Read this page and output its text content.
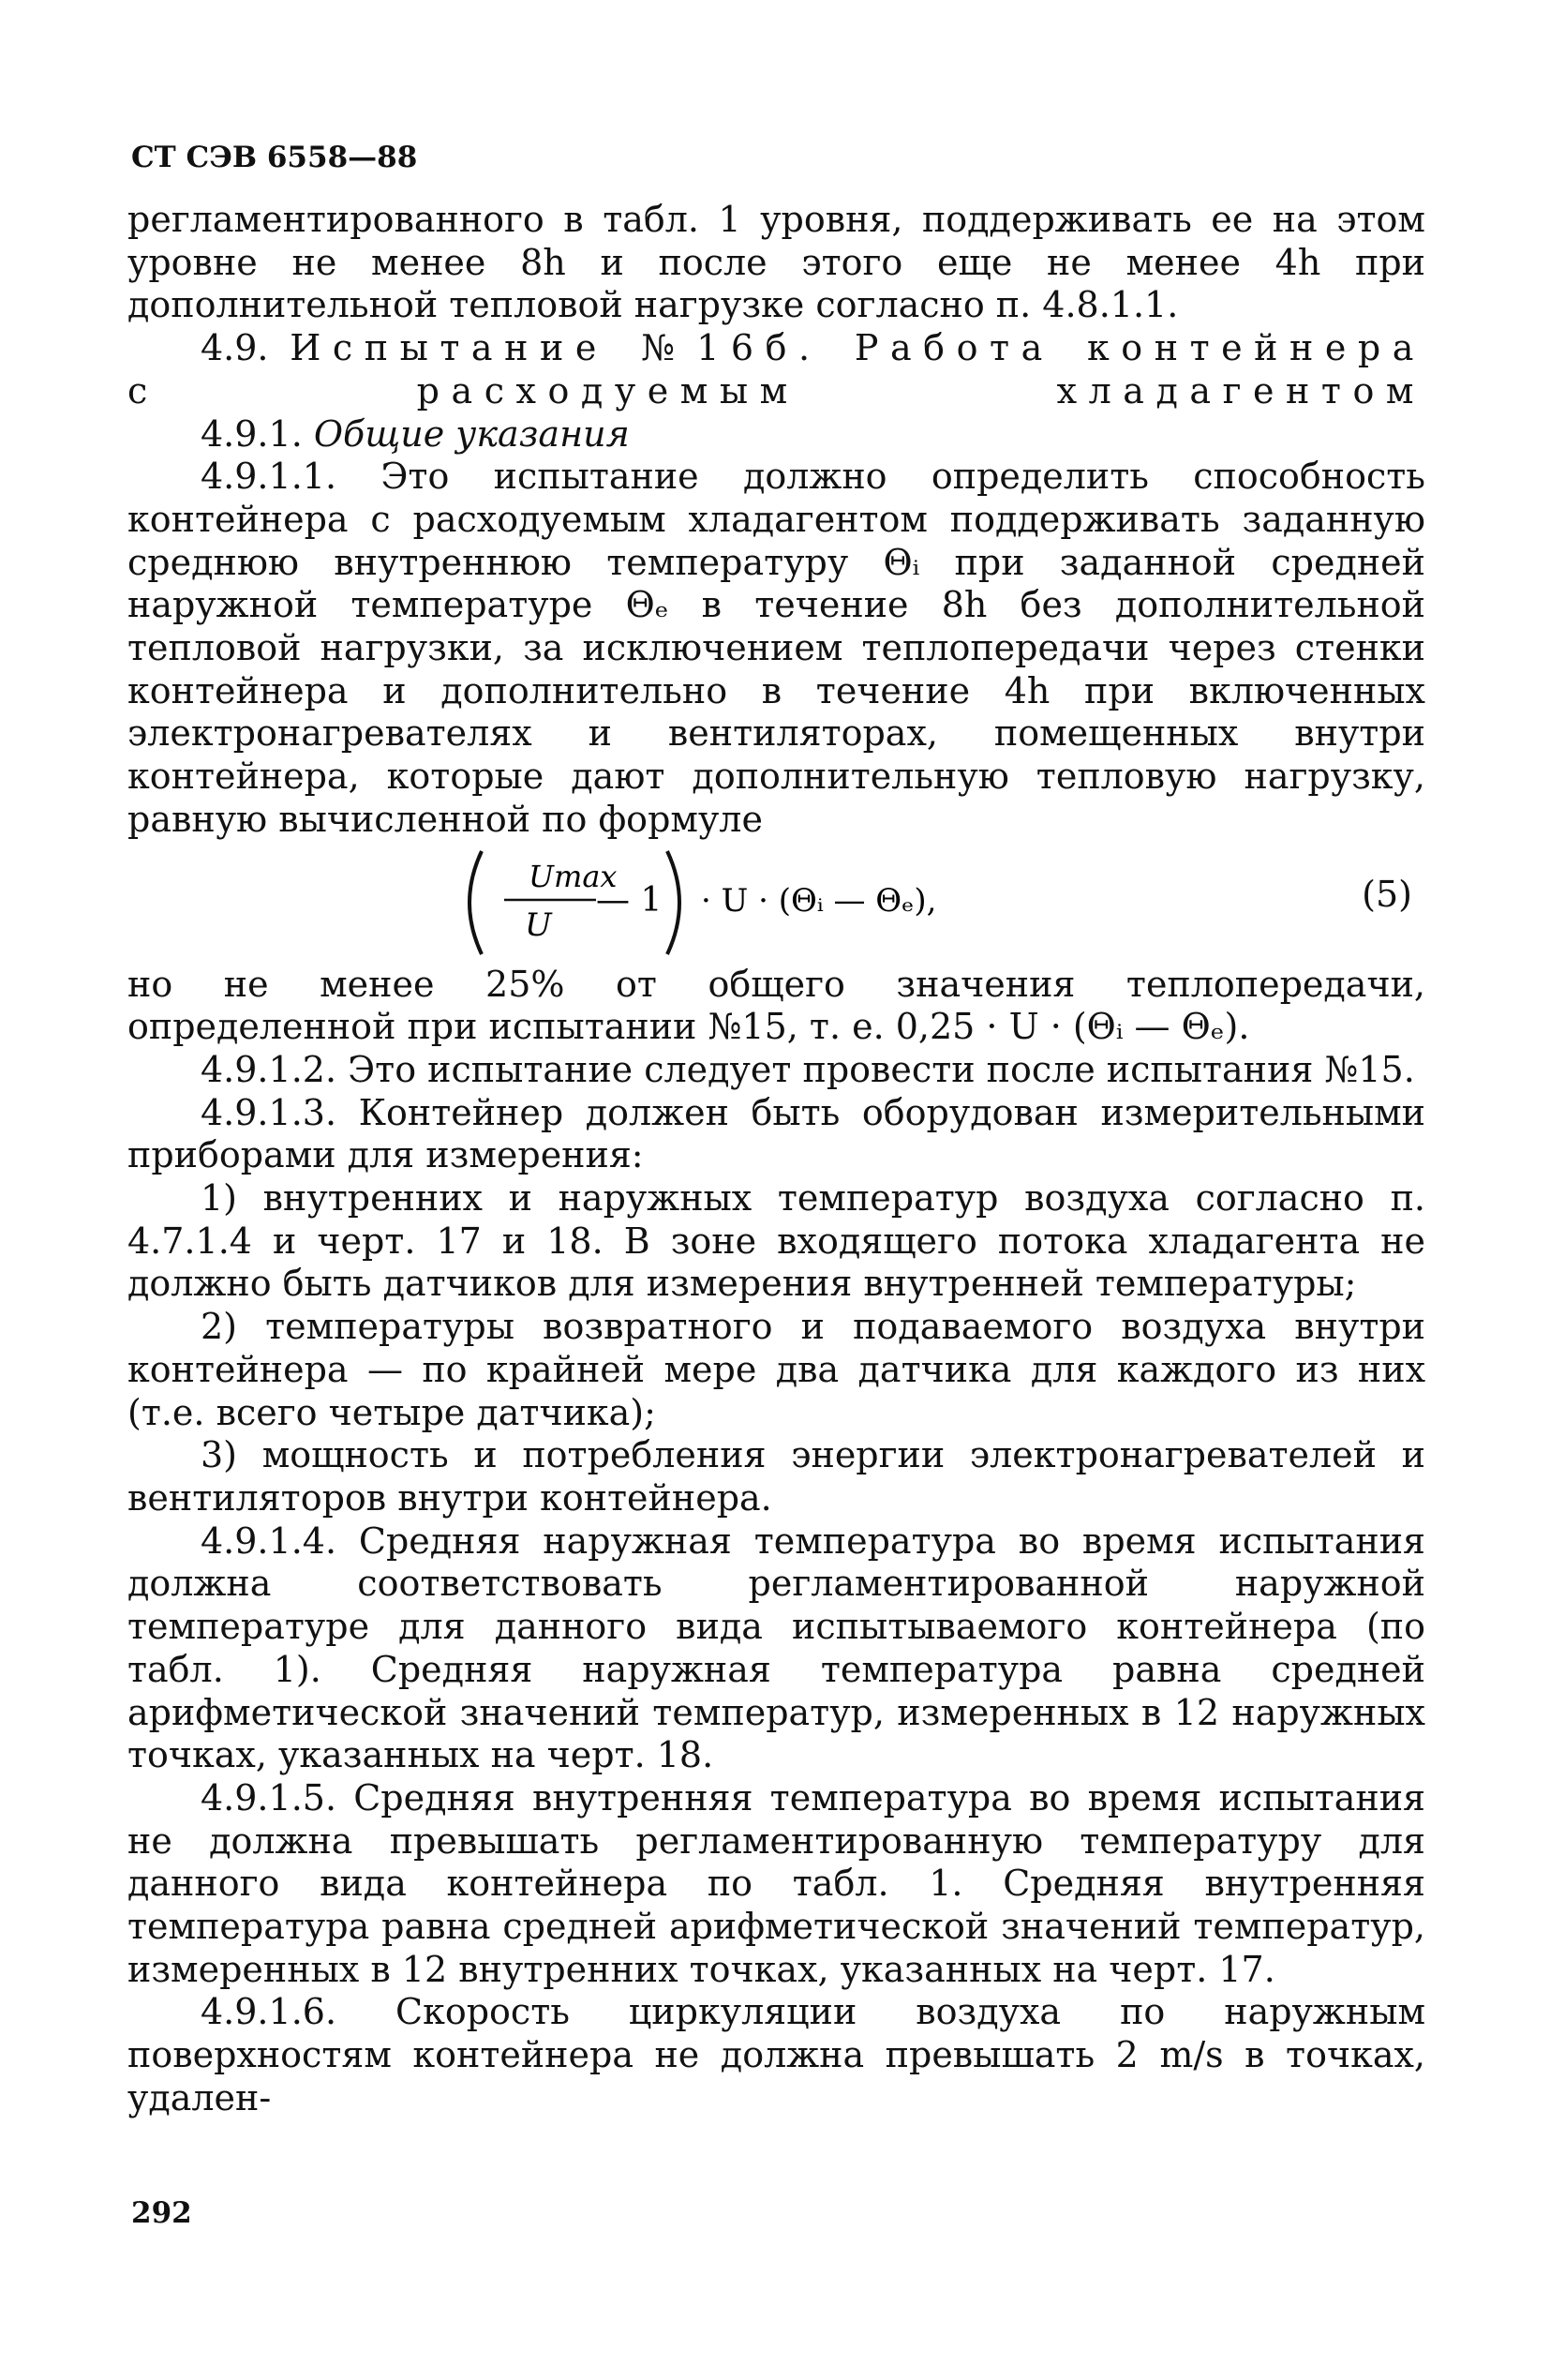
СТ СЭВ 6558—88

регламентированного в табл. 1 уровня, поддерживать ее на этом уровне не менее 8h и после этого еще не менее 4h при дополнительной тепловой нагрузке согласно п. 4.8.1.1.

4.9. Испытание №16б. Работа контейнера с расходуемым хладагентом

4.9.1. Общие указания

4.9.1.1. Это испытание должно определить способность контейнера с расходуемым хладагентом поддерживать заданную среднюю внутреннюю температуру Θᵢ при заданной средней наружной температуре Θₑ в течение 8h без дополнительной тепловой нагрузки, за исключением теплопередачи через стенки контейнера и дополнительно в течение 4h при включенных электронагревателях и вентиляторах, помещенных внутри контейнера, которые дают дополнительную тепловую нагрузку, равную вычисленной по формуле

Umax
U
— 1 · U · (Θᵢ — Θₑ),	(5)

но не менее 25% от общего значения теплопередачи, определенной при испытании №15, т. е. 0,25 · U · (Θᵢ — Θₑ).

4.9.1.2. Это испытание следует провести после испытания №15.

4.9.1.3. Контейнер должен быть оборудован измерительными приборами для измерения:

1) внутренних и наружных температур воздуха согласно п. 4.7.1.4 и черт. 17 и 18. В зоне входящего потока хладагента не должно быть датчиков для измерения внутренней температуры;

2) температуры возвратного и подаваемого воздуха внутри контейнера — по крайней мере два датчика для каждого из них (т.е. всего четыре датчика);

3) мощность и потребления энергии электронагревателей и вентиляторов внутри контейнера.

4.9.1.4. Средняя наружная температура во время испытания должна соответствовать регламентированной наружной температуре для данного вида испытываемого контейнера (по табл. 1). Средняя наружная температура равна средней арифметической значений температур, измеренных в 12 наружных точках, указанных на черт. 18.

4.9.1.5. Средняя внутренняя температура во время испытания не должна превышать регламентированную температуру для данного вида контейнера по табл. 1. Средняя внутренняя температура равна средней арифметической значений температур, измеренных в 12 внутренних точках, указанных на черт. 17.

4.9.1.6. Скорость циркуляции воздуха по наружным поверхностям контейнера не должна превышать 2 m/s в точках, удален-

292
